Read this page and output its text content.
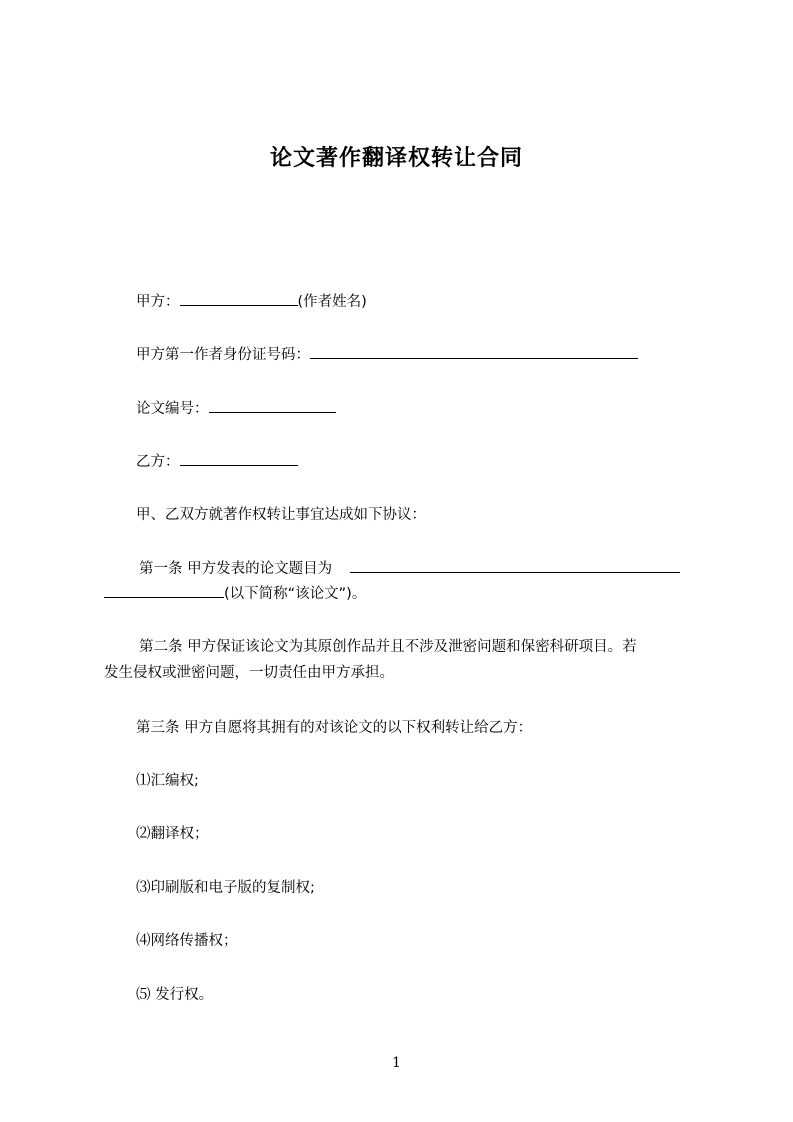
论文著作翻译权转让合同
甲方：	(作者姓名)
甲方第一作者身份证号码：
论文编号：
乙方：
甲、乙双方就著作权转让事宜达成如下协议：
第一条 甲方发表的论文题目为
(以下简称“该论文”)。
第二条 甲方保证该论文为其原创作品并且不涉及泄密问题和保密科研项目。若
发生侵权或泄密问题，一切责任由甲方承担。
第三条 甲方自愿将其拥有的对该论文的以下权利转让给乙方：
⑴汇编权;
⑵翻译权；
⑶印刷版和电子版的复制权;
⑷网络传播权；
⑸ 发行权。
1
